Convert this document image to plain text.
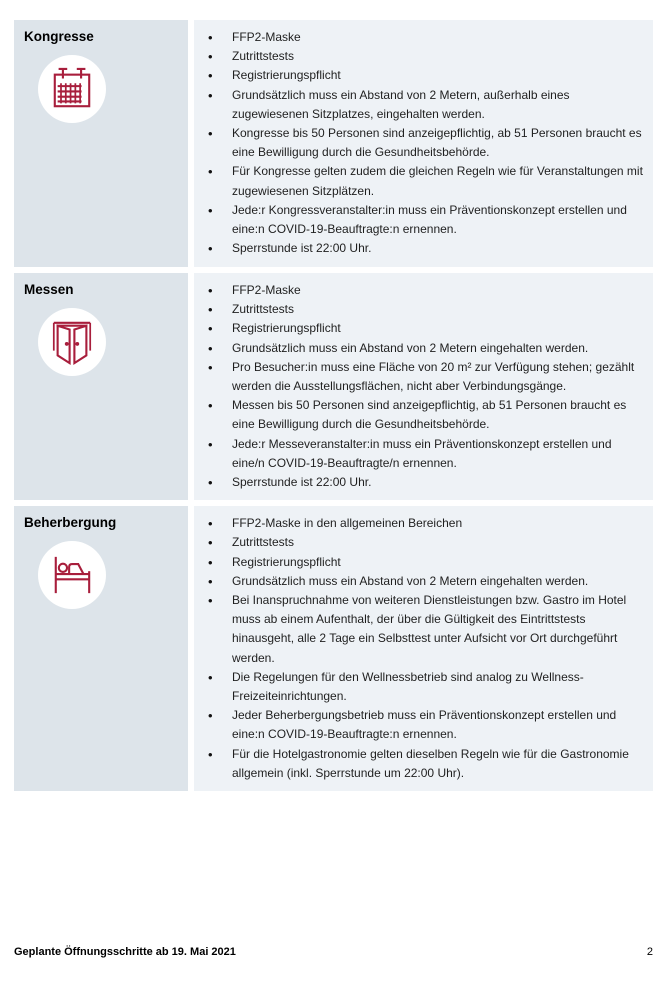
Kongresse	• FFP2-Maske
• Zutrittstests
• Registrierungspflicht
• Grundsätzlich muss ein Abstand von 2 Metern, außerhalb eines zugewiesenen Sitzplatzes, eingehalten werden.
• Kongresse bis 50 Personen sind anzeigepflichtig, ab 51 Personen braucht es eine Bewilligung durch die Gesundheitsbehörde.
• Für Kongresse gelten zudem die gleichen Regeln wie für Veranstaltungen mit zugewiesenen Sitzplätzen.
• Jede:r Kongressveranstalter:in muss ein Präventionskonzept erstellen und eine:n COVID-19-Beauftragte:n ernennen.
• Sperrstunde ist 22:00 Uhr.

Messen	• FFP2-Maske
• Zutrittstests
• Registrierungspflicht
• Grundsätzlich muss ein Abstand von 2 Metern eingehalten werden.
• Pro Besucher:in muss eine Fläche von 20 m² zur Verfügung stehen; gezählt werden die Ausstellungsflächen, nicht aber Verbindungsgänge.
• Messen bis 50 Personen sind anzeigepflichtig, ab 51 Personen braucht es eine Bewilligung durch die Gesundheitsbehörde.
• Jede:r Messeveranstalter:in muss ein Präventionskonzept erstellen und eine/n COVID-19-Beauftragte/n ernennen.
• Sperrstunde ist 22:00 Uhr.

Beherbergung	• FFP2-Maske in den allgemeinen Bereichen
• Zutrittstests
• Registrierungspflicht
• Grundsätzlich muss ein Abstand von 2 Metern eingehalten werden.
• Bei Inanspruchnahme von weiteren Dienstleistungen bzw. Gastro im Hotel muss ab einem Aufenthalt, der über die Gültigkeit des Eintrittstests hinausgeht, alle 2 Tage ein Selbsttest unter Aufsicht vor Ort durchgeführt werden.
• Die Regelungen für den Wellnessbetrieb sind analog zu Wellness-Freizeiteinrichtungen.
• Jeder Beherbergungsbetrieb muss ein Präventionskonzept erstellen und eine:n COVID-19-Beauftragte:n ernennen.
• Für die Hotelgastronomie gelten dieselben Regeln wie für die Gastronomie allgemein (inkl. Sperrstunde um 22:00 Uhr).
Geplante Öffnungsschritte ab 19. Mai 2021	2
